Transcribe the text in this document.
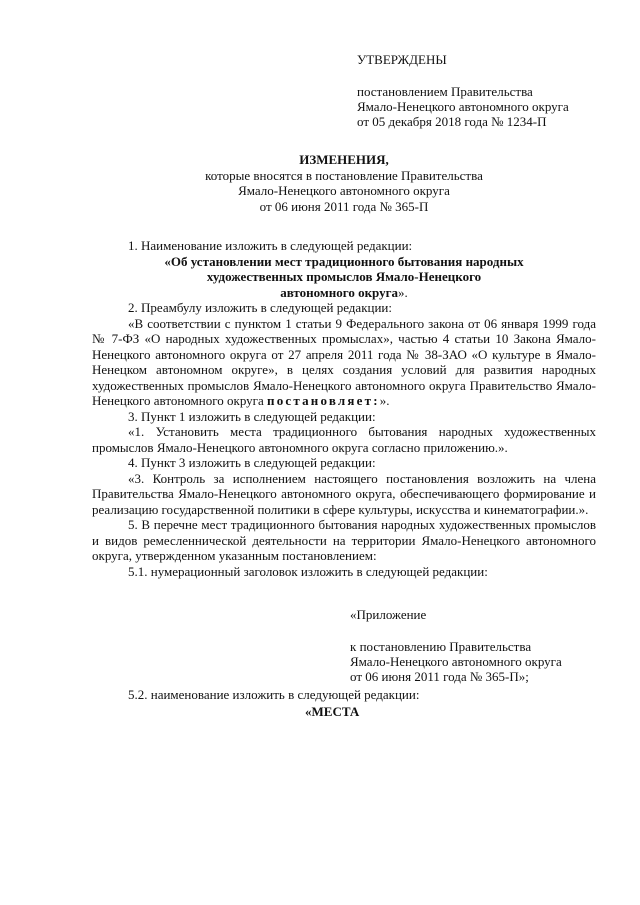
УТВЕРЖДЕНЫ

постановлением Правительства

Ямало-Ненецкого автономного округа

от 05 декабря 2018 года № 1234-П

ИЗМЕНЕНИЯ,

которые вносятся в постановление Правительства

Ямало-Ненецкого автономного округа

от 06 июня 2011 года № 365-П

1. Наименование изложить в следующей редакции:

«Об установлении мест традиционного бытования народных

художественных промыслов Ямало-Ненецкого

автономного округа».

2. Преамбулу изложить в следующей редакции:

«В соответствии с пунктом 1 статьи 9 Федерального закона от 06 января 1999 года № 7-ФЗ «О народных художественных промыслах», частью 4 статьи 10 Закона Ямало-Ненецкого автономного округа от 27 апреля 2011 года № 38-ЗАО «О культуре в Ямало-Ненецком автономном округе», в целях создания условий для развития народных художественных промыслов Ямало-Ненецкого автономного округа Правительство Ямало-Ненецкого автономного округа постановляет:».

3. Пункт 1 изложить в следующей редакции:

«1. Установить места традиционного бытования народных художественных промыслов Ямало-Ненецкого автономного округа согласно приложению.».

4. Пункт 3 изложить в следующей редакции:

«3. Контроль за исполнением настоящего постановления возложить на члена Правительства Ямало-Ненецкого автономного округа, обеспечивающего формирование и реализацию государственной политики в сфере культуры, искусства и кинематографии.».

5. В перечне мест традиционного бытования народных художественных промыслов и видов ремесленнической деятельности на территории Ямало-Ненецкого автономного округа, утвержденном указанным постановлением:

5.1. нумерационный заголовок изложить в следующей редакции:

«Приложение

к постановлению Правительства

Ямало-Ненецкого автономного округа

от 06 июня 2011 года № 365-П»;

5.2. наименование изложить в следующей редакции:

«МЕСТА
